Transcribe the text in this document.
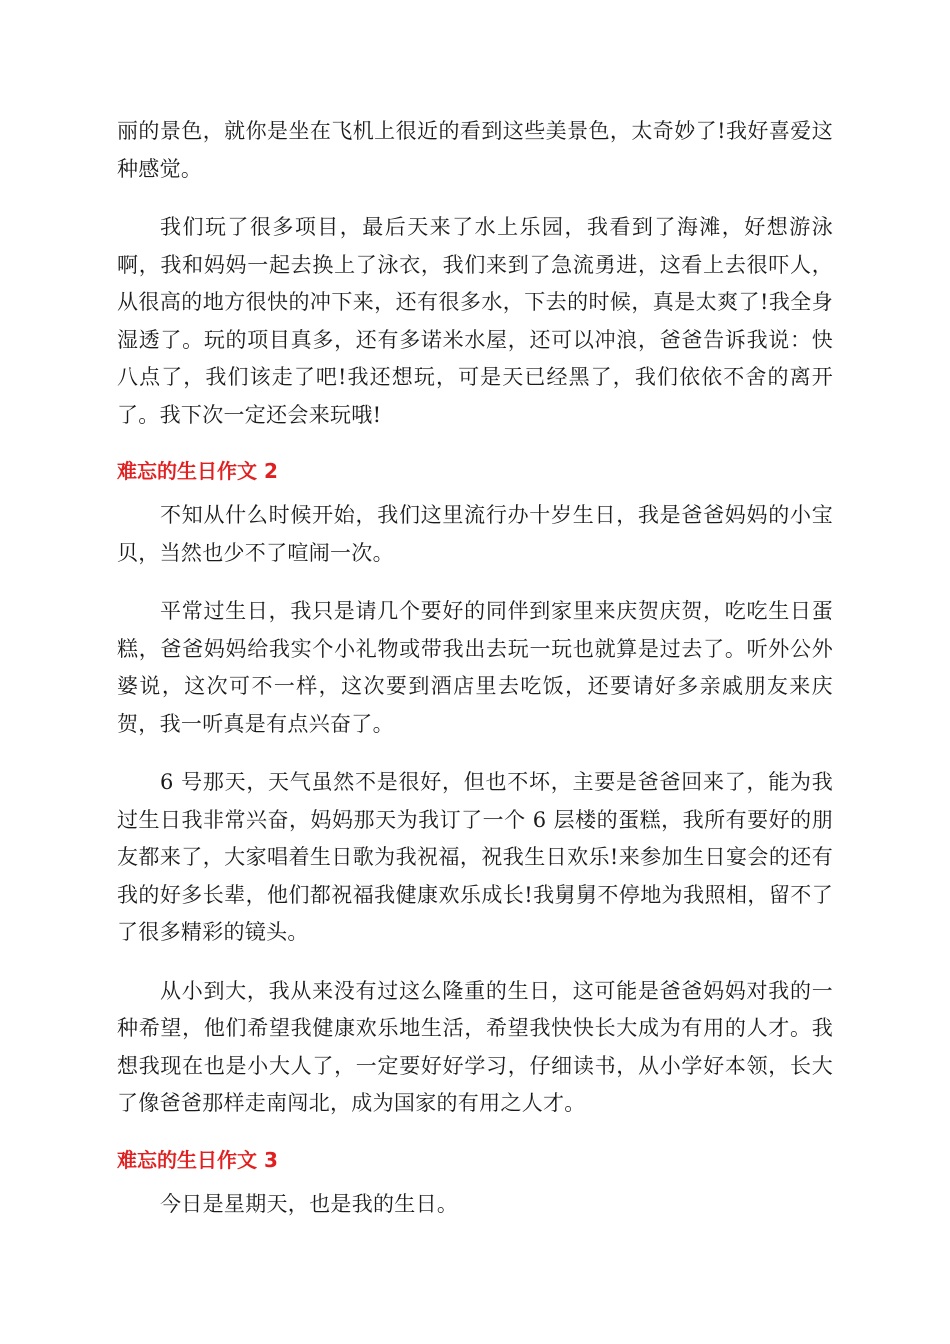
丽的景色，就你是坐在飞机上很近的看到这些美景色，太奇妙了!我好喜爱这种感觉。

我们玩了很多项目，最后天来了水上乐园，我看到了海滩，好想游泳啊，我和妈妈一起去换上了泳衣，我们来到了急流勇进，这看上去很吓人，从很高的地方很快的冲下来，还有很多水，下去的时候，真是太爽了!我全身湿透了。玩的项目真多，还有多诺米水屋，还可以冲浪，爸爸告诉我说：快八点了，我们该走了吧!我还想玩，可是天已经黑了，我们依依不舍的离开了。我下次一定还会来玩哦!

难忘的生日作文 2

不知从什么时候开始，我们这里流行办十岁生日，我是爸爸妈妈的小宝贝，当然也少不了喧闹一次。

平常过生日，我只是请几个要好的同伴到家里来庆贺庆贺，吃吃生日蛋糕，爸爸妈妈给我实个小礼物或带我出去玩一玩也就算是过去了。听外公外婆说，这次可不一样，这次要到酒店里去吃饭，还要请好多亲戚朋友来庆贺，我一听真是有点兴奋了。

6 号那天，天气虽然不是很好，但也不坏，主要是爸爸回来了，能为我过生日我非常兴奋，妈妈那天为我订了一个 6 层楼的蛋糕，我所有要好的朋友都来了，大家唱着生日歌为我祝福，祝我生日欢乐!来参加生日宴会的还有我的好多长辈，他们都祝福我健康欢乐成长!我舅舅不停地为我照相，留不了了很多精彩的镜头。

从小到大，我从来没有过这么隆重的生日，这可能是爸爸妈妈对我的一种希望，他们希望我健康欢乐地生活，希望我快快长大成为有用的人才。我想我现在也是小大人了，一定要好好学习，仔细读书，从小学好本领，长大了像爸爸那样走南闯北，成为国家的有用之人才。

难忘的生日作文 3

今日是星期天，也是我的生日。
